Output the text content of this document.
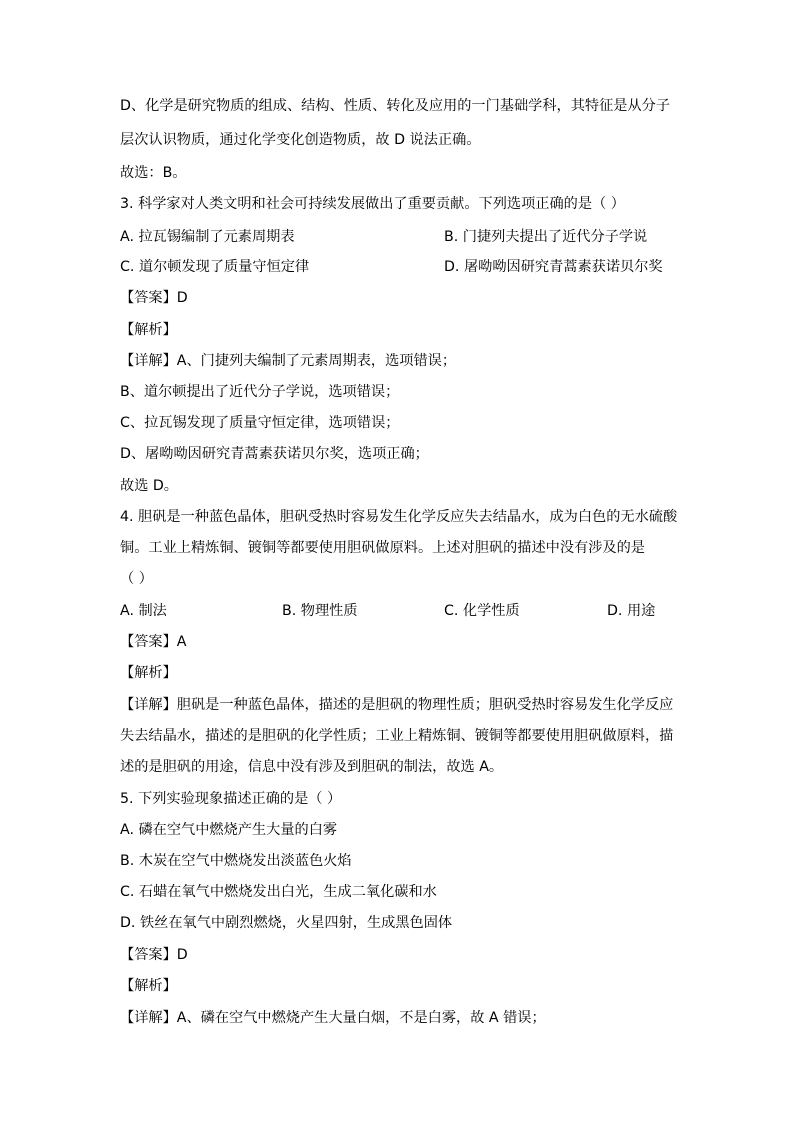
D、化学是研究物质的组成、结构、性质、转化及应用的一门基础学科，其特征是从分子
层次认识物质，通过化学变化创造物质，故 D 说法正确。
故选：B。
3. 科学家对人类文明和社会可持续发展做出了重要贡献。下列选项正确的是（ ）
A. 拉瓦锡编制了元素周期表	B. 门捷列夫提出了近代分子学说
C. 道尔顿发现了质量守恒定律	D. 屠呦呦因研究青蒿素获诺贝尔奖
【答案】D
【解析】
【详解】A、门捷列夫编制了元素周期表，选项错误；
B、道尔顿提出了近代分子学说，选项错误；
C、拉瓦锡发现了质量守恒定律，选项错误；
D、屠呦呦因研究青蒿素获诺贝尔奖，选项正确；
故选 D。
4. 胆矾是一种蓝色晶体，胆矾受热时容易发生化学反应失去结晶水，成为白色的无水硫酸
铜。工业上精炼铜、镀铜等都要使用胆矾做原料。上述对胆矾的描述中没有涉及的是
（ ）
A. 制法	B. 物理性质	C. 化学性质	D. 用途
【答案】A
【解析】
【详解】胆矾是一种蓝色晶体，描述的是胆矾的物理性质；胆矾受热时容易发生化学反应
失去结晶水，描述的是胆矾的化学性质；工业上精炼铜、镀铜等都要使用胆矾做原料，描
述的是胆矾的用途，信息中没有涉及到胆矾的制法，故选 A。
5. 下列实验现象描述正确的是（ ）
A. 磷在空气中燃烧产生大量的白雾
B. 木炭在空气中燃烧发出淡蓝色火焰
C. 石蜡在氧气中燃烧发出白光，生成二氧化碳和水
D. 铁丝在氧气中剧烈燃烧，火星四射，生成黑色固体
【答案】D
【解析】
【详解】A、磷在空气中燃烧产生大量白烟，不是白雾，故 A 错误；
